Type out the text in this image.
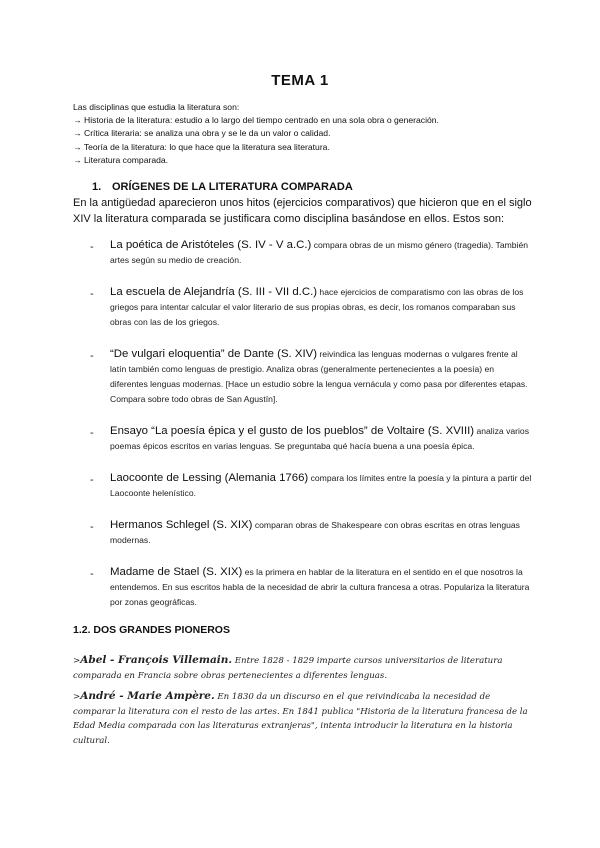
TEMA 1
Las disciplinas que estudia la literatura son:
→ Historia de la literatura: estudio a lo largo del tiempo centrado en una sola obra o generación.
→ Crítica literaria: se analiza una obra y se le da un valor o calidad.
→ Teoría de la literatura: lo que hace que la literatura sea literatura.
→ Literatura comparada.
1. ORÍGENES DE LA LITERATURA COMPARADA
En la antigüedad aparecieron unos hitos (ejercicios comparativos) que hicieron que en el siglo XIV la literatura comparada se justificara como disciplina basándose en ellos. Estos son:
- La poética de Aristóteles (S. IV - V a.C.) compara obras de un mismo género (tragedia). También artes según su medio de creación.
- La escuela de Alejandría (S. III - VII d.C.) hace ejercicios de comparatismo con las obras de los griegos para intentar calcular el valor literario de sus propias obras, es decir, los romanos comparaban sus obras con las de los griegos.
- “De vulgari eloquentia” de Dante (S. XIV) reivindica las lenguas modernas o vulgares frente al latín también como lenguas de prestigio. Analiza obras (generalmente pertenecientes a la poesía) en diferentes lenguas modernas. [Hace un estudio sobre la lengua vernácula y como pasa por diferentes etapas. Compara sobre todo obras de San Agustín].
- Ensayo “La poesía épica y el gusto de los pueblos” de Voltaire (S. XVIII) analiza varios poemas épicos escritos en varias lenguas. Se preguntaba qué hacía buena a una poesía épica.
- Laocoonte de Lessing (Alemania 1766) compara los límites entre la poesía y la pintura a partir del Laocoonte helenístico.
- Hermanos Schlegel (S. XIX) comparan obras de Shakespeare con obras escritas en otras lenguas modernas.
- Madame de Stael (S. XIX) es la primera en hablar de la literatura en el sentido en el que nosotros la entendemos. En sus escritos habla de la necesidad de abrir la cultura francesa a otras. Populariza la literatura por zonas geográficas.
1.2. DOS GRANDES PIONEROS
>Abel - François Villemain. Entre 1828 - 1829 imparte cursos universitarios de literatura comparada en Francia sobre obras pertenecientes a diferentes lenguas.
>André - Marie Ampère. En 1830 da un discurso en el que reivindicaba la necesidad de comparar la literatura con el resto de las artes. En 1841 publica "Historia de la literatura francesa de la Edad Media comparada con las literaturas extranjeras", intenta introducir la literatura en la historia cultural.
